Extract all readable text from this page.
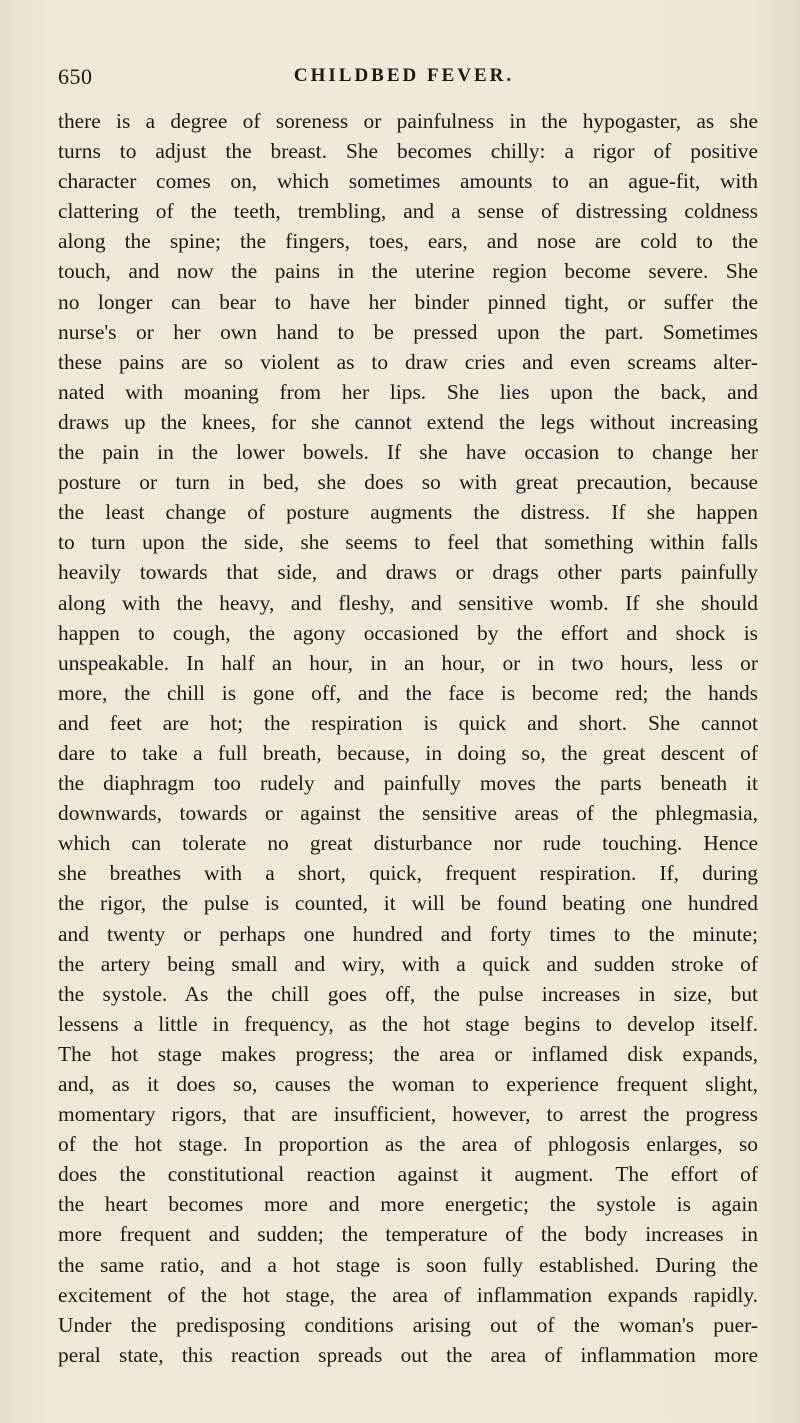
650	CHILDBED FEVER.
there is a degree of soreness or painfulness in the hypogaster, as she
turns to adjust the breast. She becomes chilly: a rigor of positive
character comes on, which sometimes amounts to an ague-fit, with
clattering of the teeth, trembling, and a sense of distressing coldness
along the spine; the fingers, toes, ears, and nose are cold to the
touch, and now the pains in the uterine region become severe. She
no longer can bear to have her binder pinned tight, or suffer the
nurse's or her own hand to be pressed upon the part. Sometimes
these pains are so violent as to draw cries and even screams alter-
nated with moaning from her lips. She lies upon the back, and
draws up the knees, for she cannot extend the legs without increasing
the pain in the lower bowels. If she have occasion to change her
posture or turn in bed, she does so with great precaution, because
the least change of posture augments the distress. If she happen
to turn upon the side, she seems to feel that something within falls
heavily towards that side, and draws or drags other parts painfully
along with the heavy, and fleshy, and sensitive womb. If she should
happen to cough, the agony occasioned by the effort and shock is
unspeakable. In half an hour, in an hour, or in two hours, less or
more, the chill is gone off, and the face is become red; the hands
and feet are hot; the respiration is quick and short. She cannot
dare to take a full breath, because, in doing so, the great descent of
the diaphragm too rudely and painfully moves the parts beneath it
downwards, towards or against the sensitive areas of the phlegmasia,
which can tolerate no great disturbance nor rude touching. Hence
she breathes with a short, quick, frequent respiration. If, during
the rigor, the pulse is counted, it will be found beating one hundred
and twenty or perhaps one hundred and forty times to the minute;
the artery being small and wiry, with a quick and sudden stroke of
the systole. As the chill goes off, the pulse increases in size, but
lessens a little in frequency, as the hot stage begins to develop itself.
The hot stage makes progress; the area or inflamed disk expands,
and, as it does so, causes the woman to experience frequent slight,
momentary rigors, that are insufficient, however, to arrest the progress
of the hot stage. In proportion as the area of phlogosis enlarges, so
does the constitutional reaction against it augment. The effort of
the heart becomes more and more energetic; the systole is again
more frequent and sudden; the temperature of the body increases in
the same ratio, and a hot stage is soon fully established. During the
excitement of the hot stage, the area of inflammation expands rapidly.
Under the predisposing conditions arising out of the woman's puer-
peral state, this reaction spreads out the area of inflammation more
